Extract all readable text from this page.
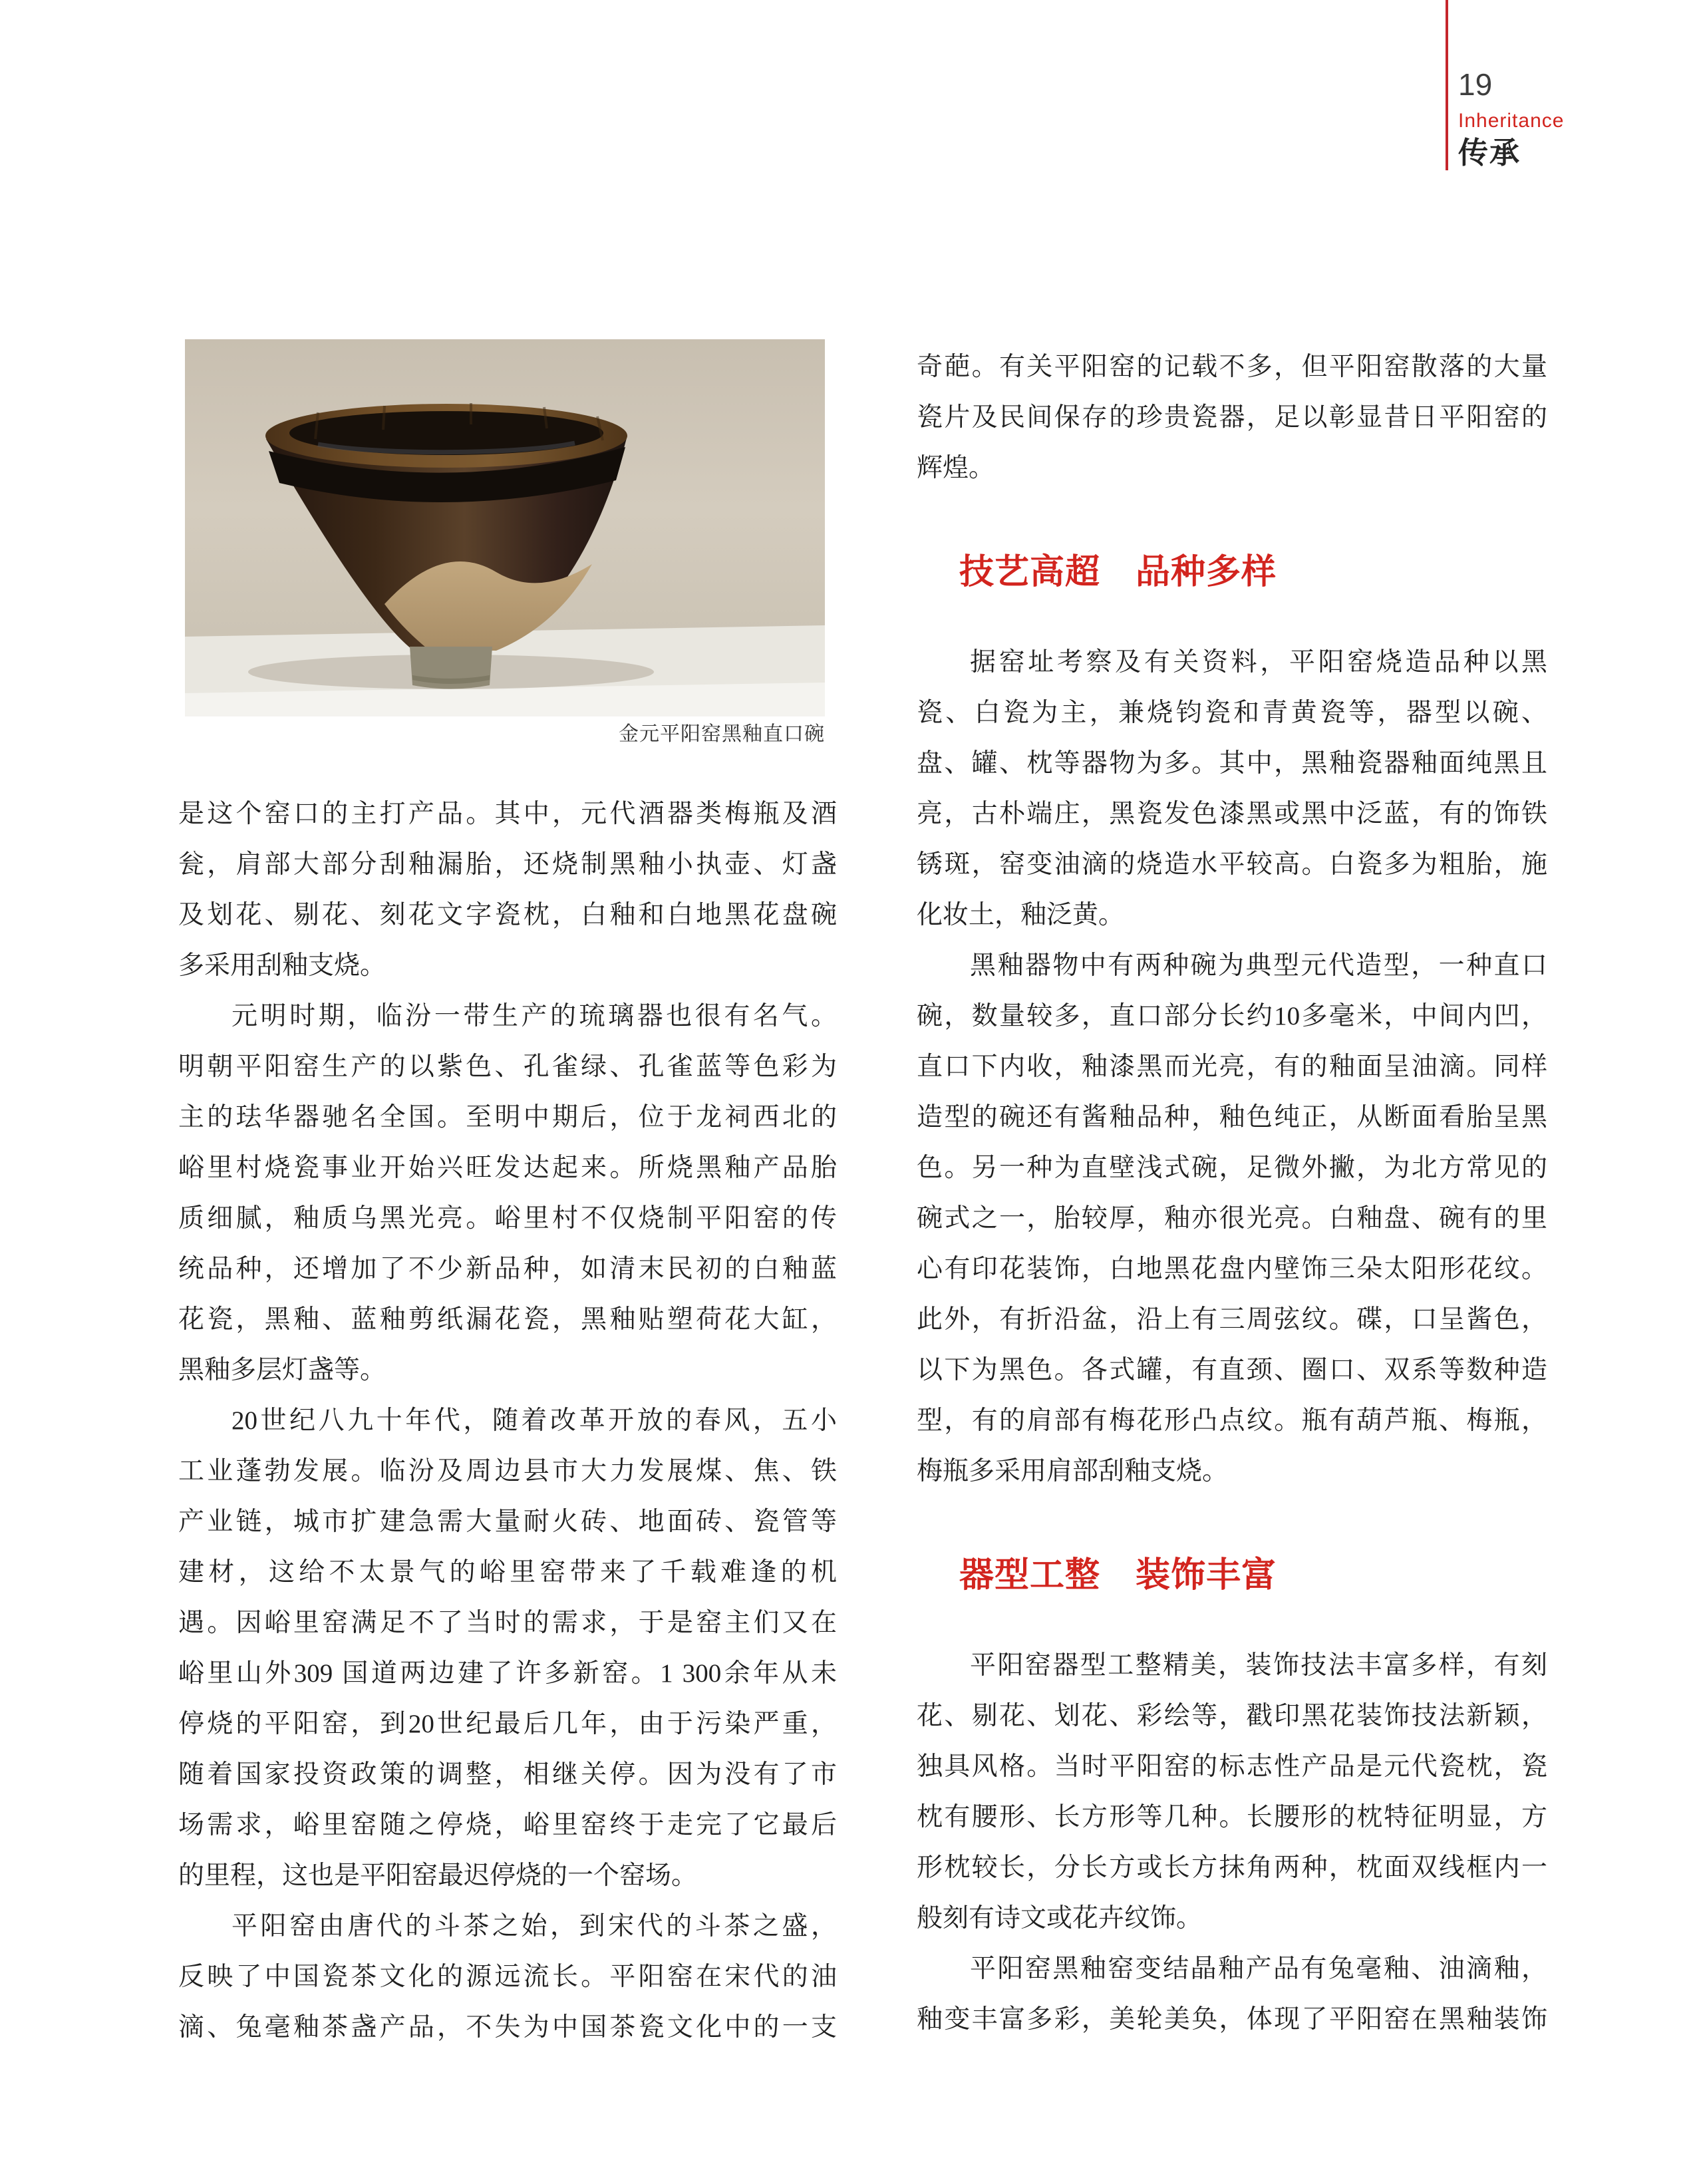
19
Inheritance
传承
金元平阳窑黑釉直口碗
是这个窑口的主打产品。其中，元代酒器类梅瓶及酒
瓮，肩部大部分刮釉漏胎，还烧制黑釉小执壶、灯盏
及划花、剔花、刻花文字瓷枕，白釉和白地黑花盘碗
多采用刮釉支烧。
元明时期，临汾一带生产的琉璃器也很有名气。
明朝平阳窑生产的以紫色、孔雀绿、孔雀蓝等色彩为
主的珐华器驰名全国。至明中期后，位于龙祠西北的
峪里村烧瓷事业开始兴旺发达起来。所烧黑釉产品胎
质细腻，釉质乌黑光亮。峪里村不仅烧制平阳窑的传
统品种，还增加了不少新品种，如清末民初的白釉蓝
花瓷，黑釉、蓝釉剪纸漏花瓷，黑釉贴塑荷花大缸，
黑釉多层灯盏等。
20世纪八九十年代，随着改革开放的春风，五小
工业蓬勃发展。临汾及周边县市大力发展煤、焦、铁
产业链，城市扩建急需大量耐火砖、地面砖、瓷管等
建材，这给不太景气的峪里窑带来了千载难逢的机
遇。因峪里窑满足不了当时的需求，于是窑主们又在
峪里山外309 国道两边建了许多新窑。1 300余年从未
停烧的平阳窑，到20世纪最后几年，由于污染严重，
随着国家投资政策的调整，相继关停。因为没有了市
场需求，峪里窑随之停烧，峪里窑终于走完了它最后
的里程，这也是平阳窑最迟停烧的一个窑场。
平阳窑由唐代的斗茶之始，到宋代的斗茶之盛，
反映了中国瓷茶文化的源远流长。平阳窑在宋代的油
滴、兔毫釉茶盏产品，不失为中国茶瓷文化中的一支
奇葩。有关平阳窑的记载不多，但平阳窑散落的大量
瓷片及民间保存的珍贵瓷器，足以彰显昔日平阳窑的
辉煌。
技艺高超　品种多样
据窑址考察及有关资料，平阳窑烧造品种以黑
瓷、白瓷为主，兼烧钧瓷和青黄瓷等，器型以碗、
盘、罐、枕等器物为多。其中，黑釉瓷器釉面纯黑且
亮，古朴端庄，黑瓷发色漆黑或黑中泛蓝，有的饰铁
锈斑，窑变油滴的烧造水平较高。白瓷多为粗胎，施
化妆土，釉泛黄。
黑釉器物中有两种碗为典型元代造型，一种直口
碗，数量较多，直口部分长约10多毫米，中间内凹，
直口下内收，釉漆黑而光亮，有的釉面呈油滴。同样
造型的碗还有酱釉品种，釉色纯正，从断面看胎呈黑
色。另一种为直壁浅式碗，足微外撇，为北方常见的
碗式之一，胎较厚，釉亦很光亮。白釉盘、碗有的里
心有印花装饰，白地黑花盘内壁饰三朵太阳形花纹。
此外，有折沿盆，沿上有三周弦纹。碟，口呈酱色，
以下为黑色。各式罐，有直颈、圈口、双系等数种造
型，有的肩部有梅花形凸点纹。瓶有葫芦瓶、梅瓶，
梅瓶多采用肩部刮釉支烧。
器型工整　装饰丰富
平阳窑器型工整精美，装饰技法丰富多样，有刻
花、剔花、划花、彩绘等，戳印黑花装饰技法新颖，
独具风格。当时平阳窑的标志性产品是元代瓷枕，瓷
枕有腰形、长方形等几种。长腰形的枕特征明显，方
形枕较长，分长方或长方抹角两种，枕面双线框内一
般刻有诗文或花卉纹饰。
平阳窑黑釉窑变结晶釉产品有兔毫釉、油滴釉，
釉变丰富多彩，美轮美奂，体现了平阳窑在黑釉装饰
